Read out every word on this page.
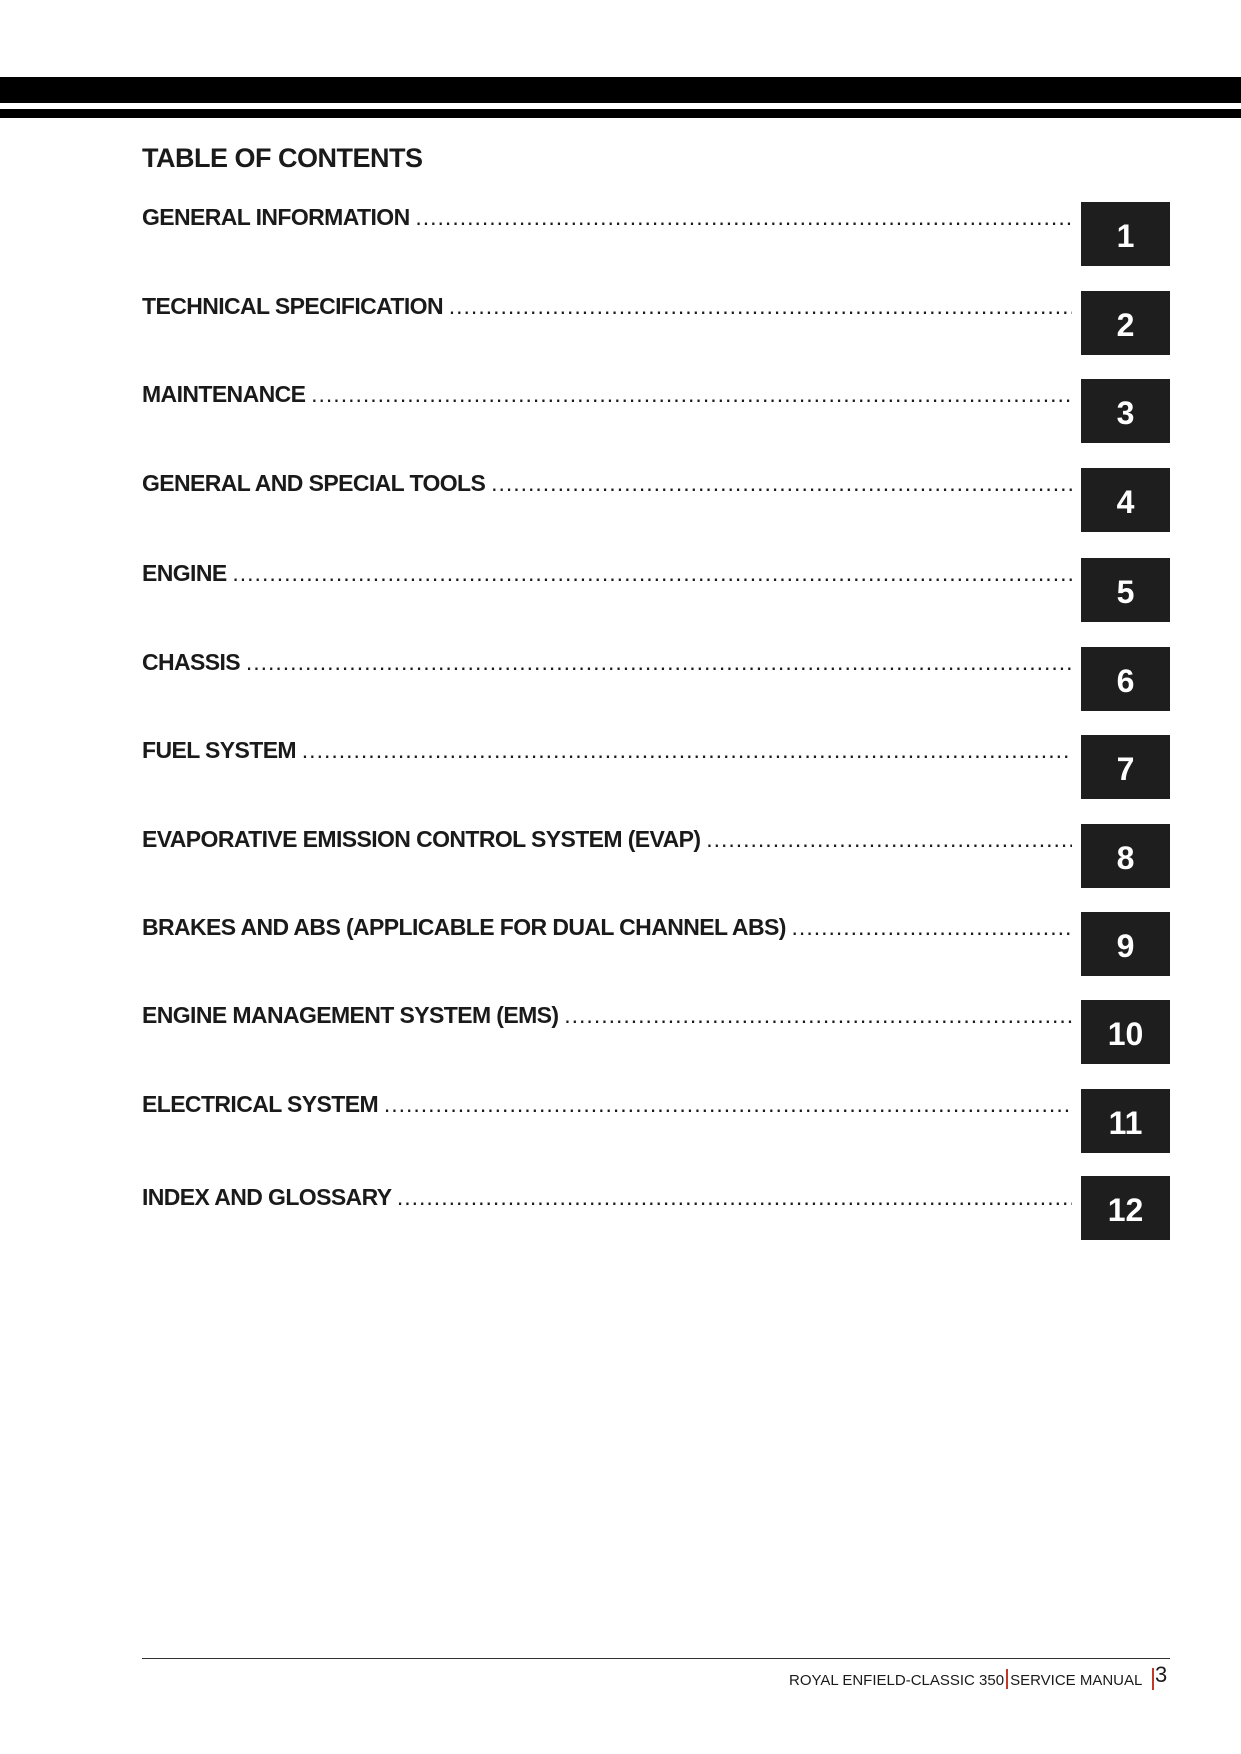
TABLE OF CONTENTS
GENERAL INFORMATION .....
1
TECHNICAL SPECIFICATION .....
2
MAINTENANCE .....
3
GENERAL AND SPECIAL TOOLS .....
4
ENGINE .....
5
CHASSIS .....
6
FUEL SYSTEM .....
7
EVAPORATIVE EMISSION CONTROL SYSTEM (EVAP) .....
8
BRAKES AND ABS (APPLICABLE FOR DUAL CHANNEL ABS) .....
9
ENGINE MANAGEMENT SYSTEM (EMS) .....
10
ELECTRICAL SYSTEM .....
11
INDEX AND GLOSSARY .....	12
ROYAL ENFIELD-CLASSIC 350 SERVICE MANUAL 3
